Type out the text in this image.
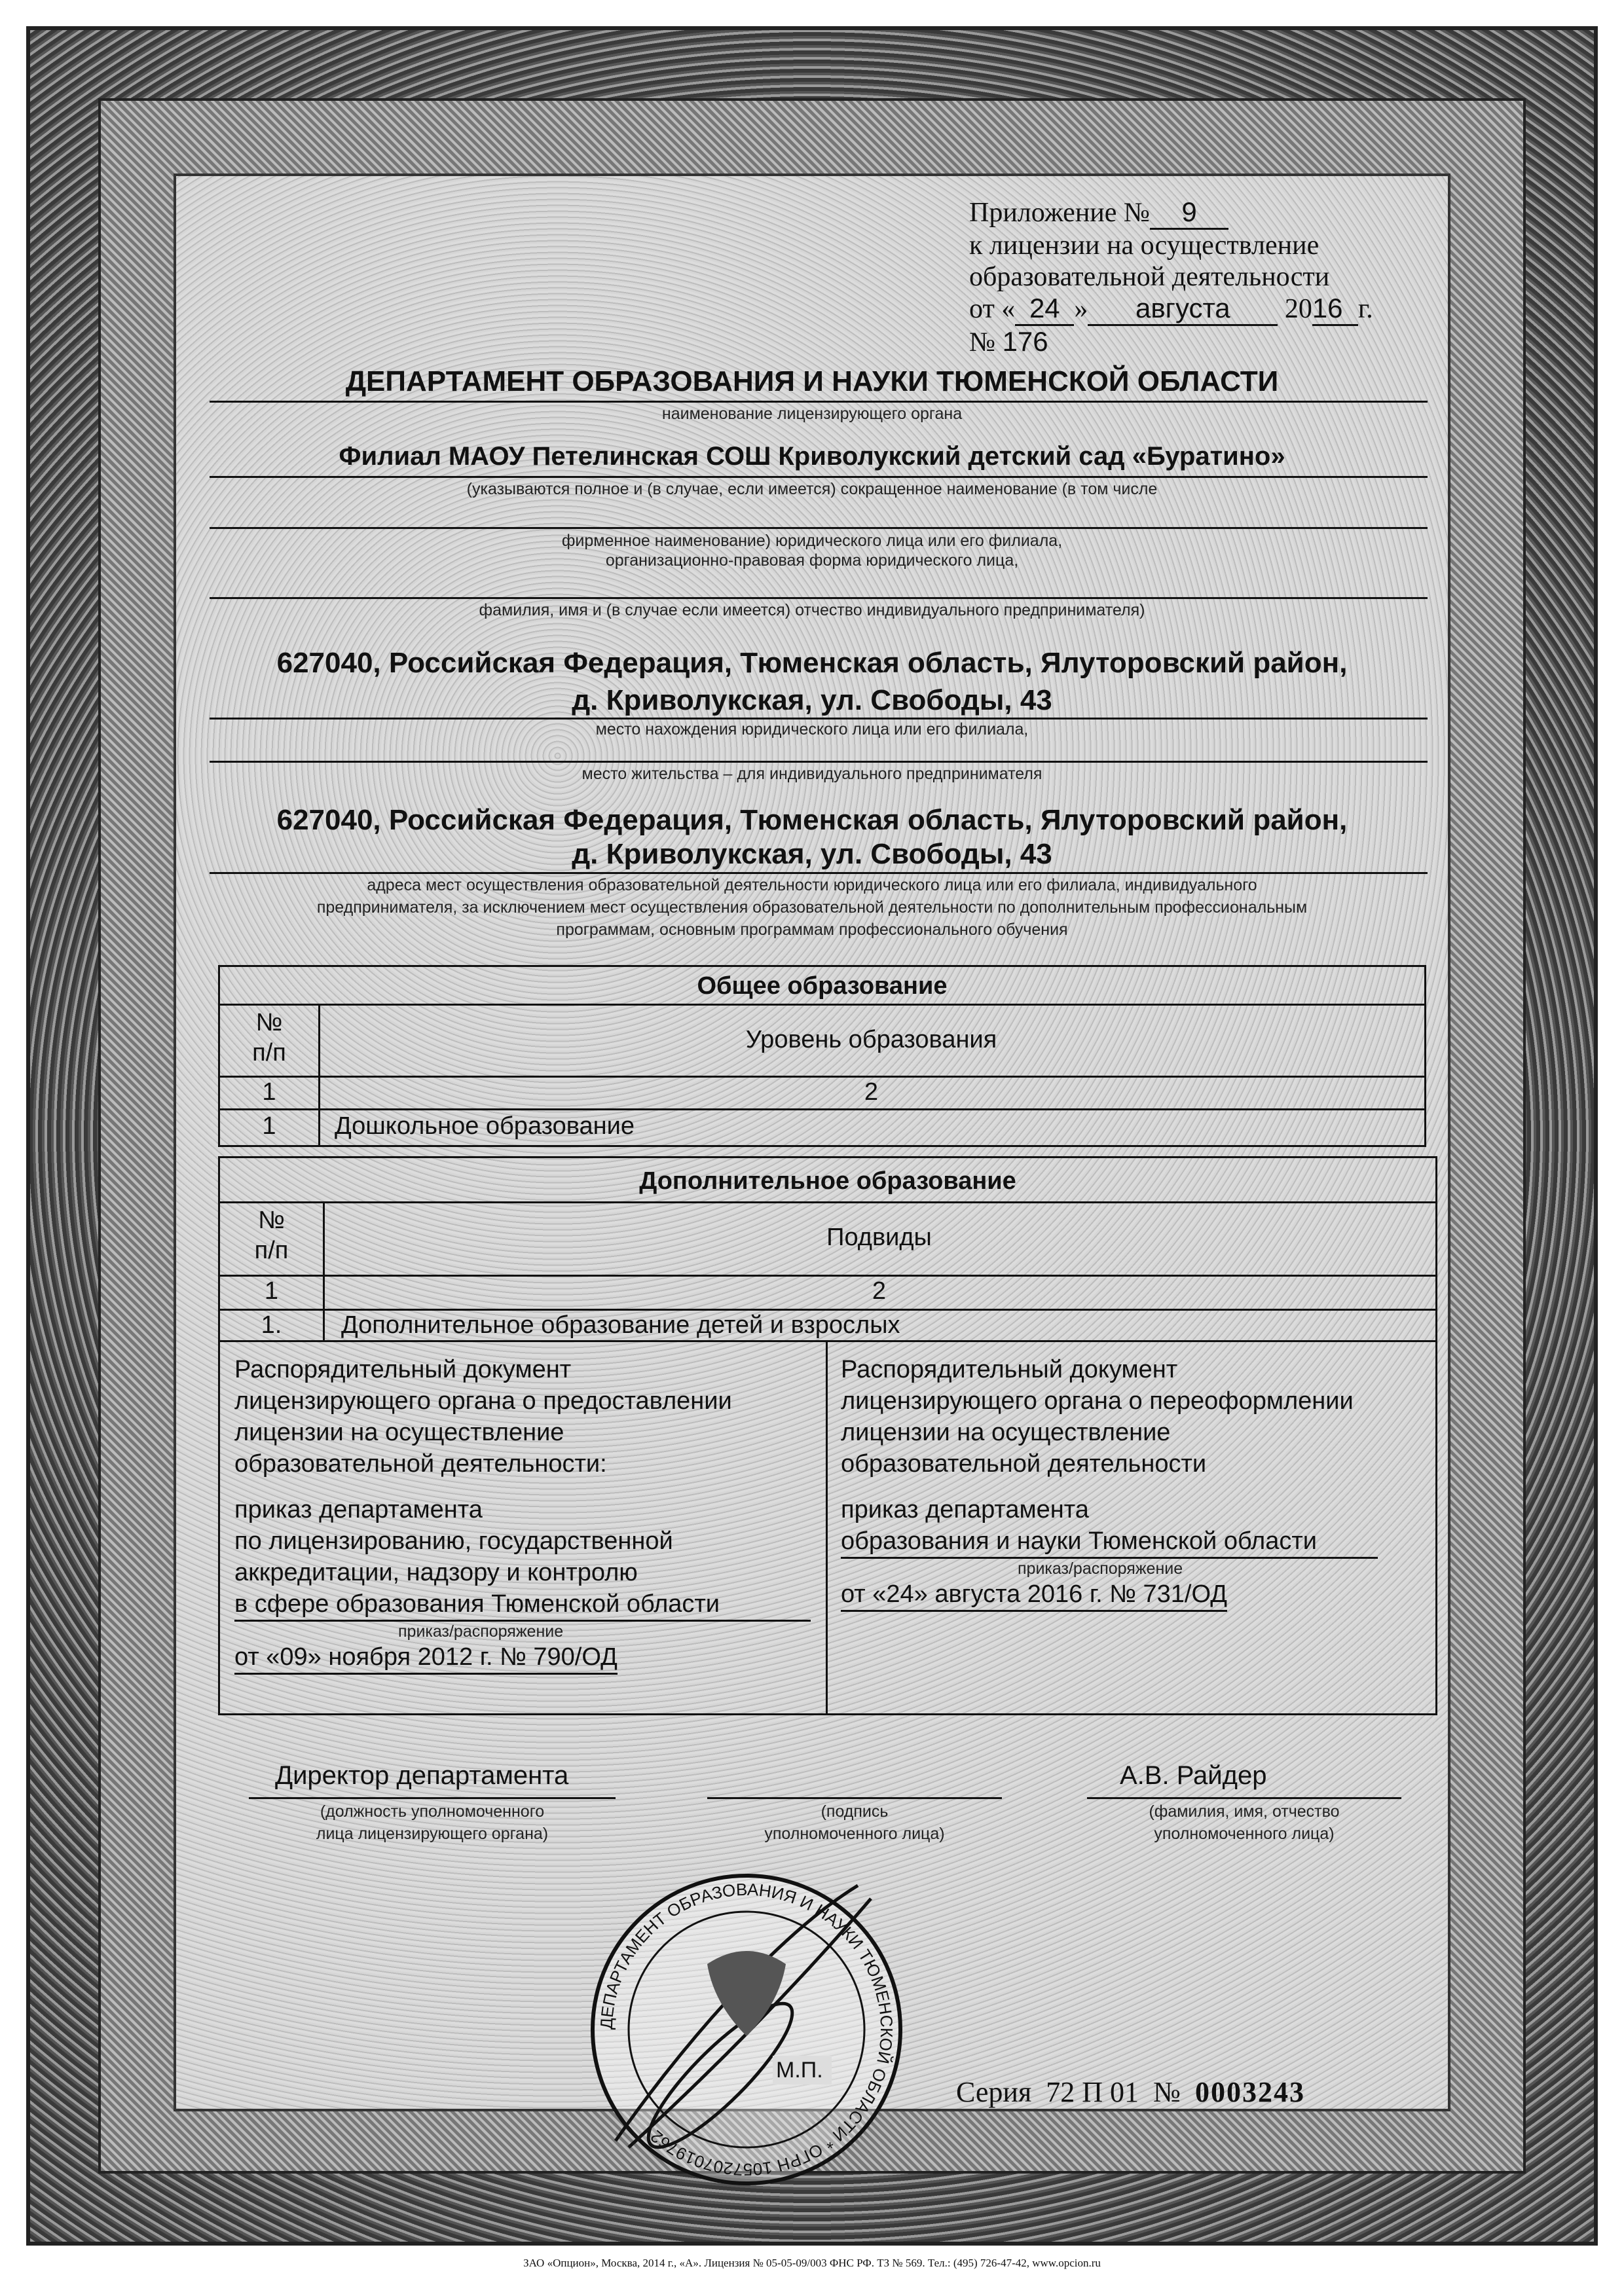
ДЕПАРТАМЕНТ ОБРАЗОВАНИЯ И НАУКИ ТЮМЕНСКОЙ ОБЛАСТИ * ОГРН 1057207019762
М.П.
Приложение № 9
к лицензии на осуществление
образовательной деятельности
от « 24 » августа 2016 г.
№ 176
ДЕПАРТАМЕНТ ОБРАЗОВАНИЯ И НАУКИ ТЮМЕНСКОЙ ОБЛАСТИ
наименование лицензирующего органа
Филиал МАОУ Петелинская СОШ Криволукский детский сад «Буратино»
(указываются полное и (в случае, если имеется) сокращенное наименование (в том числе
фирменное наименование) юридического лица или его филиала,
организационно-правовая форма юридического лица,
фамилия, имя и (в случае если имеется) отчество индивидуального предпринимателя)
627040, Российская Федерация, Тюменская область, Ялуторовский район,
д. Криволукская, ул. Свободы, 43
место нахождения юридического лица или его филиала,
место жительства – для индивидуального предпринимателя
627040, Российская Федерация, Тюменская область, Ялуторовский район,
д. Криволукская, ул. Свободы, 43
адреса мест осуществления образовательной деятельности юридического лица или его филиала, индивидуального
предпринимателя, за исключением мест осуществления образовательной деятельности по дополнительным профессиональным
программам, основным программам профессионального обучения
Общее образование
№
п/п	Уровень образования
1	2
1	Дошкольное образование
Дополнительное образование
№
п/п	Подвиды
1	2
1.	Дополнительное образование детей и взрослых
Распорядительный документ
лицензирующего органа о предоставлении
лицензии на осуществление
образовательной деятельности:
приказ департамента
по лицензированию, государственной
аккредитации, надзору и контролю
в сфере образования Тюменской области
приказ/распоряжение
от «09» ноября 2012 г. № 790/ОД
Распорядительный документ
лицензирующего органа о переоформлении
лицензии на осуществление
образовательной деятельности
приказ департамента
образования и науки Тюменской области
приказ/распоряжение
от «24» августа 2016 г. № 731/ОД
Директор департамента
(должность уполномоченного
лица лицензирующего органа)
(подпись
уполномоченного лица)
А.В. Райдер
(фамилия, имя, отчество
уполномоченного лица)
Серия 72 П 01 № 0003243
ЗАО «Опцион», Москва, 2014 г., «А». Лицензия № 05-05-09/003 ФНС РФ. ТЗ № 569. Тел.: (495) 726-47-42, www.opcion.ru
